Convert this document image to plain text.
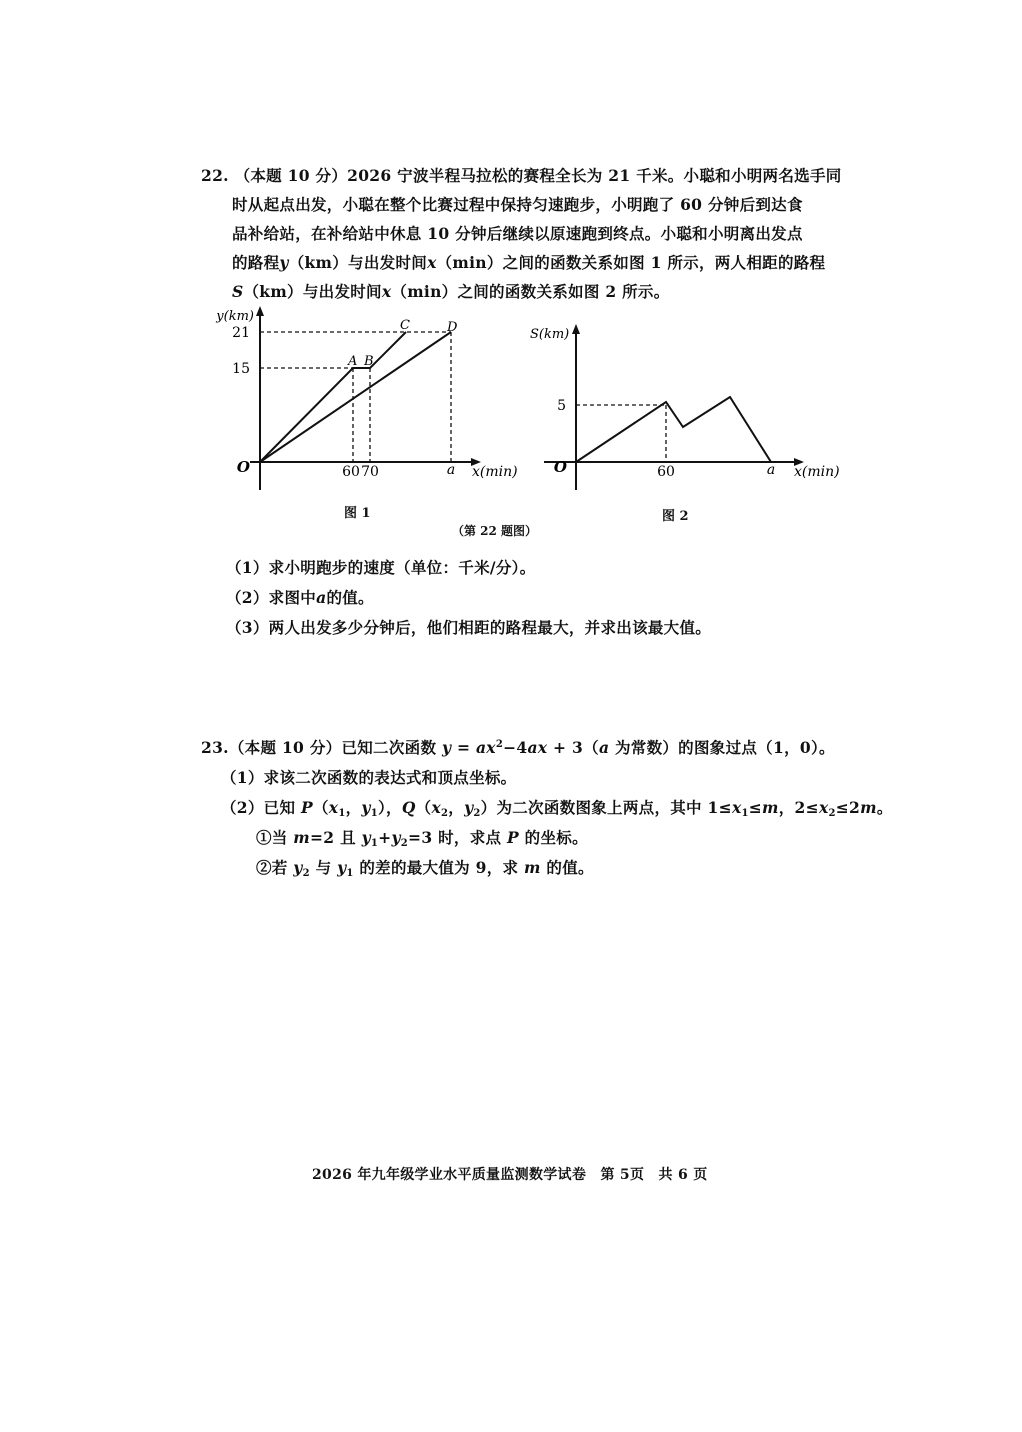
22. （本题 10 分）2026 宁波半程马拉松的赛程全长为 21 千米。小聪和小明两名选手同
时从起点出发，小聪在整个比赛过程中保持匀速跑步，小明跑了 60 分钟后到达食
品补给站，在补给站中休息 10 分钟后继续以原速跑到终点。小聪和小明离出发点
的路程y（km）与出发时间x（min）之间的函数关系如图 1 所示，两人相距的路程
S（km）与出发时间x（min）之间的函数关系如图 2 所示。
y(km)
21
15
O	60 70	a x(min)
A B
C	D	S(km)
5
O	60	a x(min)
图 1	图 2
（第 22 题图）
（1）求小明跑步的速度（单位：千米/分）。
（2）求图中a的值。
（3）两人出发多少分钟后，他们相距的路程最大，并求出该最大值。
23.（本题 10 分）已知二次函数 $y = ax^2-4ax + 3(a$ 为常数）的图象过点（1，0）。
（1）求该二次函数的表达式和顶点坐标。
（2）已知 $P(x_1$，$y_1$），$Q(x_2$，$y_2$）为二次函数图象上两点，其中 $1\le x_1\le m$，$2\le x_2\le 2m$。
①当 m=2 且 $y_1+y_2=3$ 时，求点 P 的坐标。
②若 $y_2$ 与 $y_1$ 的差的最大值为 9，求 m 的值。
2026 年九年级学业水平质量监测数学试卷　第 5页　共 6 页
